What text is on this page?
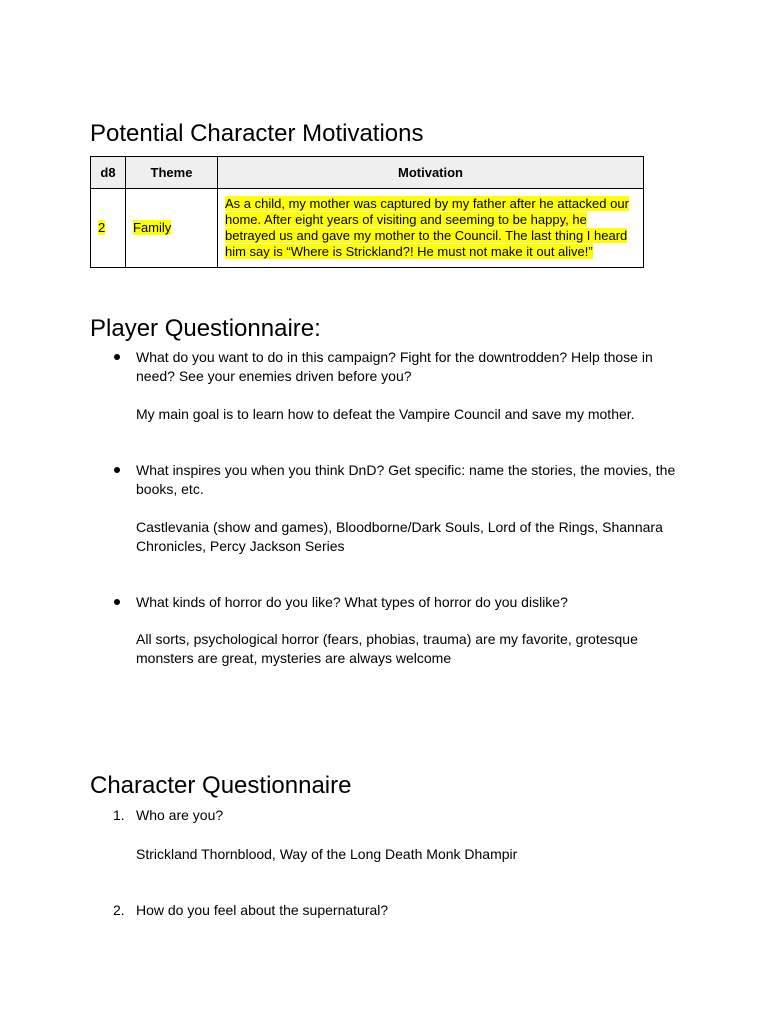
Potential Character Motivations
d8	Theme	Motivation
2	Family	As a child, my mother was captured by my father after he attacked our home. After eight years of visiting and seeming to be happy, he betrayed us and gave my mother to the Council. The last thing I heard him say is “Where is Strickland?! He must not make it out alive!”
Player Questionnaire:

What do you want to do in this campaign? Fight for the downtrodden? Help those in need? See your enemies driven before you?

My main goal is to learn how to defeat the Vampire Council and save my mother.

What inspires you when you think DnD? Get specific: name the stories, the movies, the books, etc.

Castlevania (show and games), Bloodborne/Dark Souls, Lord of the Rings, Shannara Chronicles, Percy Jackson Series

What kinds of horror do you like? What types of horror do you dislike?

All sorts, psychological horror (fears, phobias, trauma) are my favorite, grotesque monsters are great, mysteries are always welcome

Character Questionnaire
1. Who are you?

Strickland Thornblood, Way of the Long Death Monk Dhampir

2. How do you feel about the supernatural?
